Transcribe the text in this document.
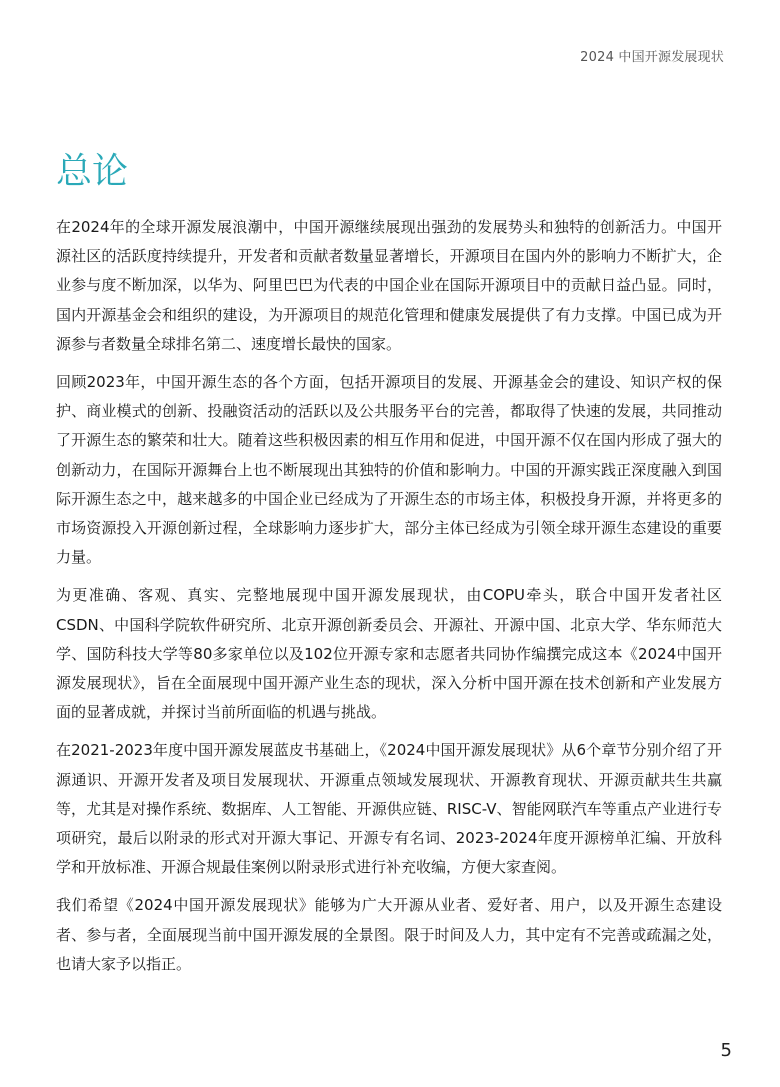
2024 中国开源发展现状
总论

在2024年的全球开源发展浪潮中，中国开源继续展现出强劲的发展势头和独特的创新活力。中国开源社区的活跃度持续提升，开发者和贡献者数量显著增长，开源项目在国内外的影响力不断扩大，企业参与度不断加深，以华为、阿里巴巴为代表的中国企业在国际开源项目中的贡献日益凸显。同时，国内开源基金会和组织的建设，为开源项目的规范化管理和健康发展提供了有力支撑。中国已成为开源参与者数量全球排名第二、速度增长最快的国家。

回顾2023年，中国开源生态的各个方面，包括开源项目的发展、开源基金会的建设、知识产权的保护、商业模式的创新、投融资活动的活跃以及公共服务平台的完善，都取得了快速的发展，共同推动了开源生态的繁荣和壮大。随着这些积极因素的相互作用和促进，中国开源不仅在国内形成了强大的创新动力，在国际开源舞台上也不断展现出其独特的价值和影响力。中国的开源实践正深度融入到国际开源生态之中，越来越多的中国企业已经成为了开源生态的市场主体，积极投身开源，并将更多的市场资源投入开源创新过程，全球影响力逐步扩大，部分主体已经成为引领全球开源生态建设的重要力量。

为更准确、客观、真实、完整地展现中国开源发展现状，由COPU牵头，联合中国开发者社区CSDN、中国科学院软件研究所、北京开源创新委员会、开源社、开源中国、北京大学、华东师范大学、国防科技大学等80多家单位以及102位开源专家和志愿者共同协作编撰完成这本《2024中国开源发展现状》，旨在全面展现中国开源产业生态的现状，深入分析中国开源在技术创新和产业发展方面的显著成就，并探讨当前所面临的机遇与挑战。

在2021-2023年度中国开源发展蓝皮书基础上，《2024中国开源发展现状》从6个章节分别介绍了开源通识、开源开发者及项目发展现状、开源重点领域发展现状、开源教育现状、开源贡献共生共赢等，尤其是对操作系统、数据库、人工智能、开源供应链、RISC-V、智能网联汽车等重点产业进行专项研究，最后以附录的形式对开源大事记、开源专有名词、2023-2024年度开源榜单汇编、开放科学和开放标准、开源合规最佳案例以附录形式进行补充收编，方便大家查阅。

我们希望《2024中国开源发展现状》能够为广大开源从业者、爱好者、用户，以及开源生态建设者、参与者，全面展现当前中国开源发展的全景图。限于时间及人力，其中定有不完善或疏漏之处，也请大家予以指正。

5
